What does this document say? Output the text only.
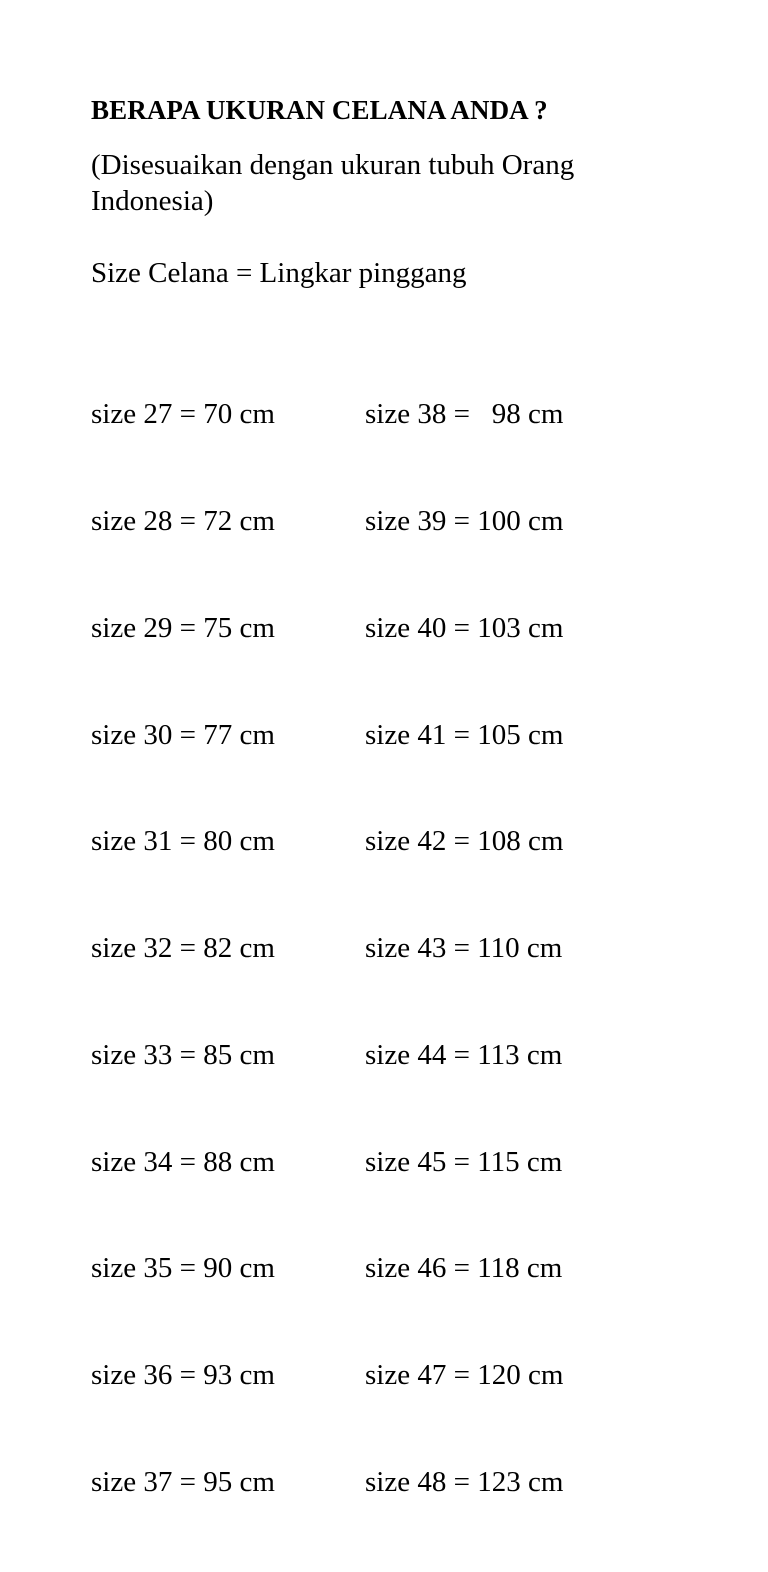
BERAPA UKURAN CELANA ANDA ?
(Disesuaikan dengan ukuran tubuh Orang Indonesia)
Size Celana = Lingkar pinggang

size 27 = 70 cm

size 28 = 72 cm

size 29 = 75 cm

size 30 = 77 cm

size 31 = 80 cm

size 32 = 82 cm

size 33 = 85 cm

size 34 = 88 cm

size 35 = 90 cm

size 36 = 93 cm

size 37 = 95 cm

size 38 =   98 cm

size 39 = 100 cm

size 40 = 103 cm

size 41 = 105 cm

size 42 = 108 cm

size 43 = 110 cm

size 44 = 113 cm

size 45 = 115 cm

size 46 = 118 cm

size 47 = 120 cm

size 48 = 123 cm
